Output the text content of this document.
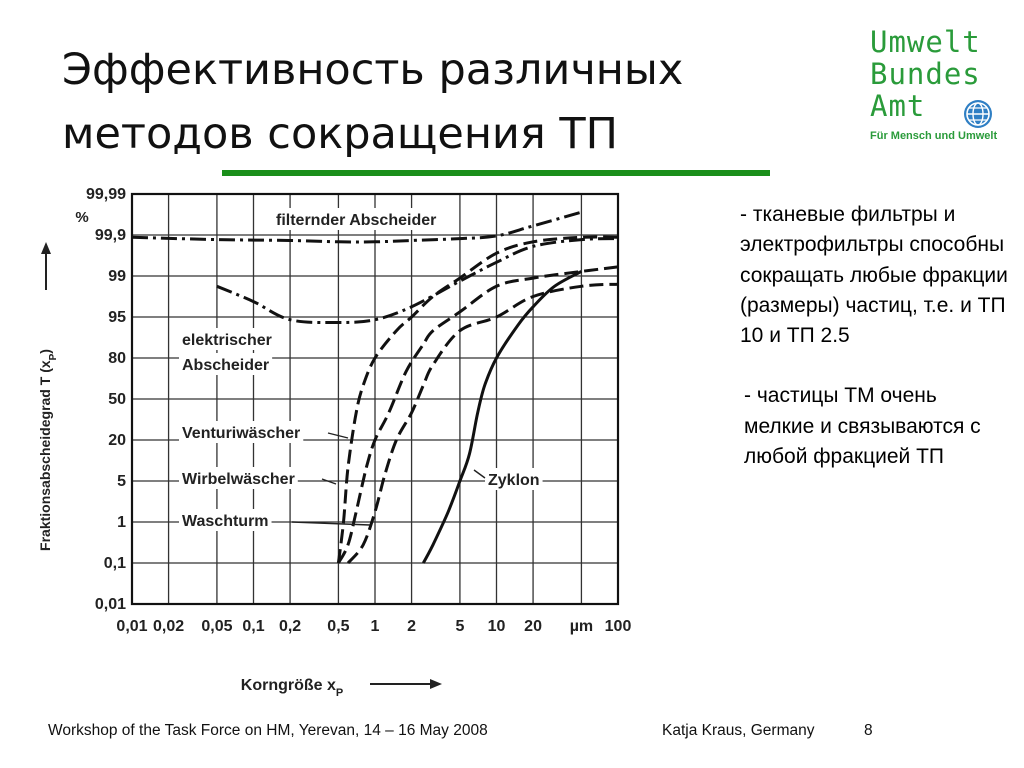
Эффективность различных
методов сокращения ТП
Umwelt
Bundes
Amt
Für Mensch und Umwelt

- тканевые фильтры и электрофильтры способны сокращать любые фракции (размеры) частиц, т.е. и ТП 10 и ТП 2.5

- частицы ТМ очень мелкие и связываются с любой фракцией ТП

filternder Abscheider
elektrischer
Abscheider
Venturiwäscher
Wirbelwäscher
Waschturm
Zyklon
0,01 0,02 0,05 0,1 0,2 0,5 1 2 5 10 20 µm 100
0,01
0,1
1
5
20
50
80
95
99
99,9
99,99
%
Fraktionsabscheidegrad T $(x_P)$
Korngröße $x_P$
Workshop of the Task Force on HM, Yerevan, 14 – 16 May 2008	Katja Kraus, Germany	8
